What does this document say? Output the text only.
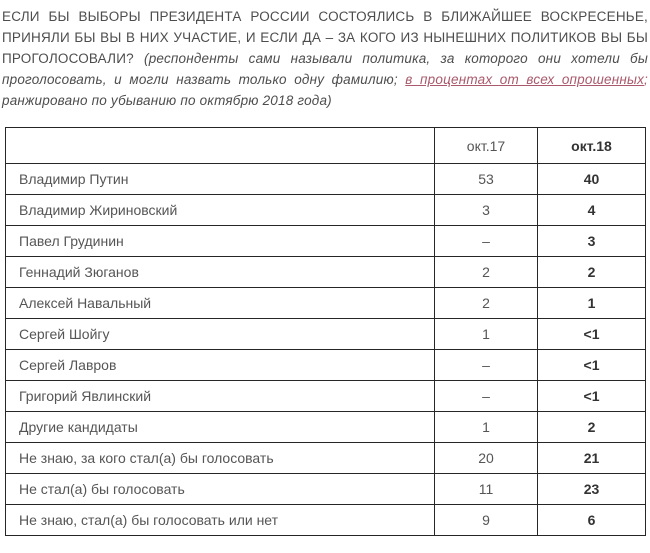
ЕСЛИ БЫ ВЫБОРЫ ПРЕЗИДЕНТА РОССИИ СОСТОЯЛИСЬ В БЛИЖАЙШЕЕ ВОСКРЕСЕНЬЕ, ПРИНЯЛИ БЫ ВЫ В НИХ УЧАСТИЕ, И ЕСЛИ ДА – ЗА КОГО ИЗ НЫНЕШНИХ ПОЛИТИКОВ ВЫ БЫ ПРОГОЛОСОВАЛИ? (респонденты сами называли политика, за которого они хотели бы проголосовать, и могли назвать только одну фамилию; в процентах от всех опрошенных; ранжировано по убыванию по октябрю 2018 года)

	окт.17	окт.18
Владимир Путин	53	40
Владимир Жириновский	3	4
Павел Грудинин	–	3
Геннадий Зюганов	2	2
Алексей Навальный	2	1
Сергей Шойгу	1	<1
Сергей Лавров	–	<1
Григорий Явлинский	–	<1
Другие кандидаты	1	2
Не знаю, за кого стал(а) бы голосовать	20	21
Не стал(а) бы голосовать	11	23
Не знаю, стал(а) бы голосовать или нет	9	6
